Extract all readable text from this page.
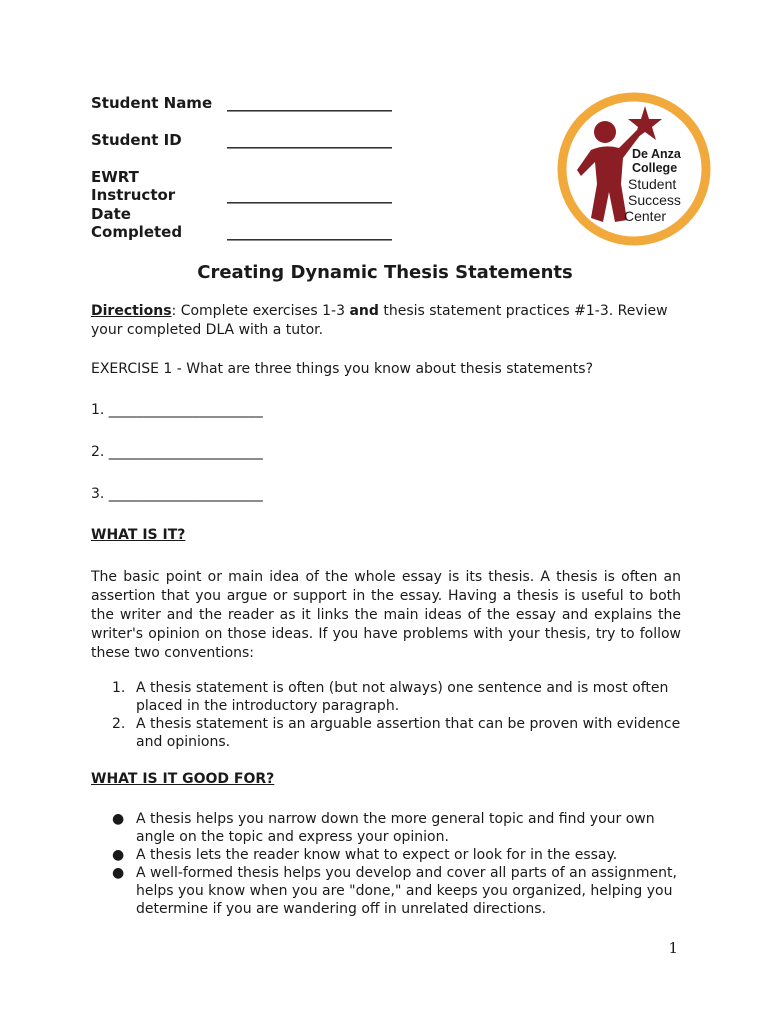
Student Name ______________________
Student ID	______________________
EWRT Instructor	______________________
Date Completed	______________________
De Anza
College
Student
Success
Center
Creating Dynamic Thesis Statements
Directions: Complete exercises 1-3 and thesis statement practices #1-3. Review your completed DLA with a tutor.
EXERCISE 1 - What are three things you know about thesis statements?
1. ______________________
2. ______________________
3. ______________________
WHAT IS IT?
The basic point or main idea of the whole essay is its thesis. A thesis is often an assertion that you argue or support in the essay. Having a thesis is useful to both the writer and the reader as it links the main ideas of the essay and explains the writer's opinion on those ideas. If you have problems with your thesis, try to follow these two conventions:
1. A thesis statement is often (but not always) one sentence and is most often placed in the introductory paragraph.
2. A thesis statement is an arguable assertion that can be proven with evidence and opinions.
WHAT IS IT GOOD FOR?
● A thesis helps you narrow down the more general topic and find your own angle on the topic and express your opinion.
● A thesis lets the reader know what to expect or look for in the essay.
● A well-formed thesis helps you develop and cover all parts of an assignment, helps you know when you are "done," and keeps you organized, helping you determine if you are wandering off in unrelated directions.
1
